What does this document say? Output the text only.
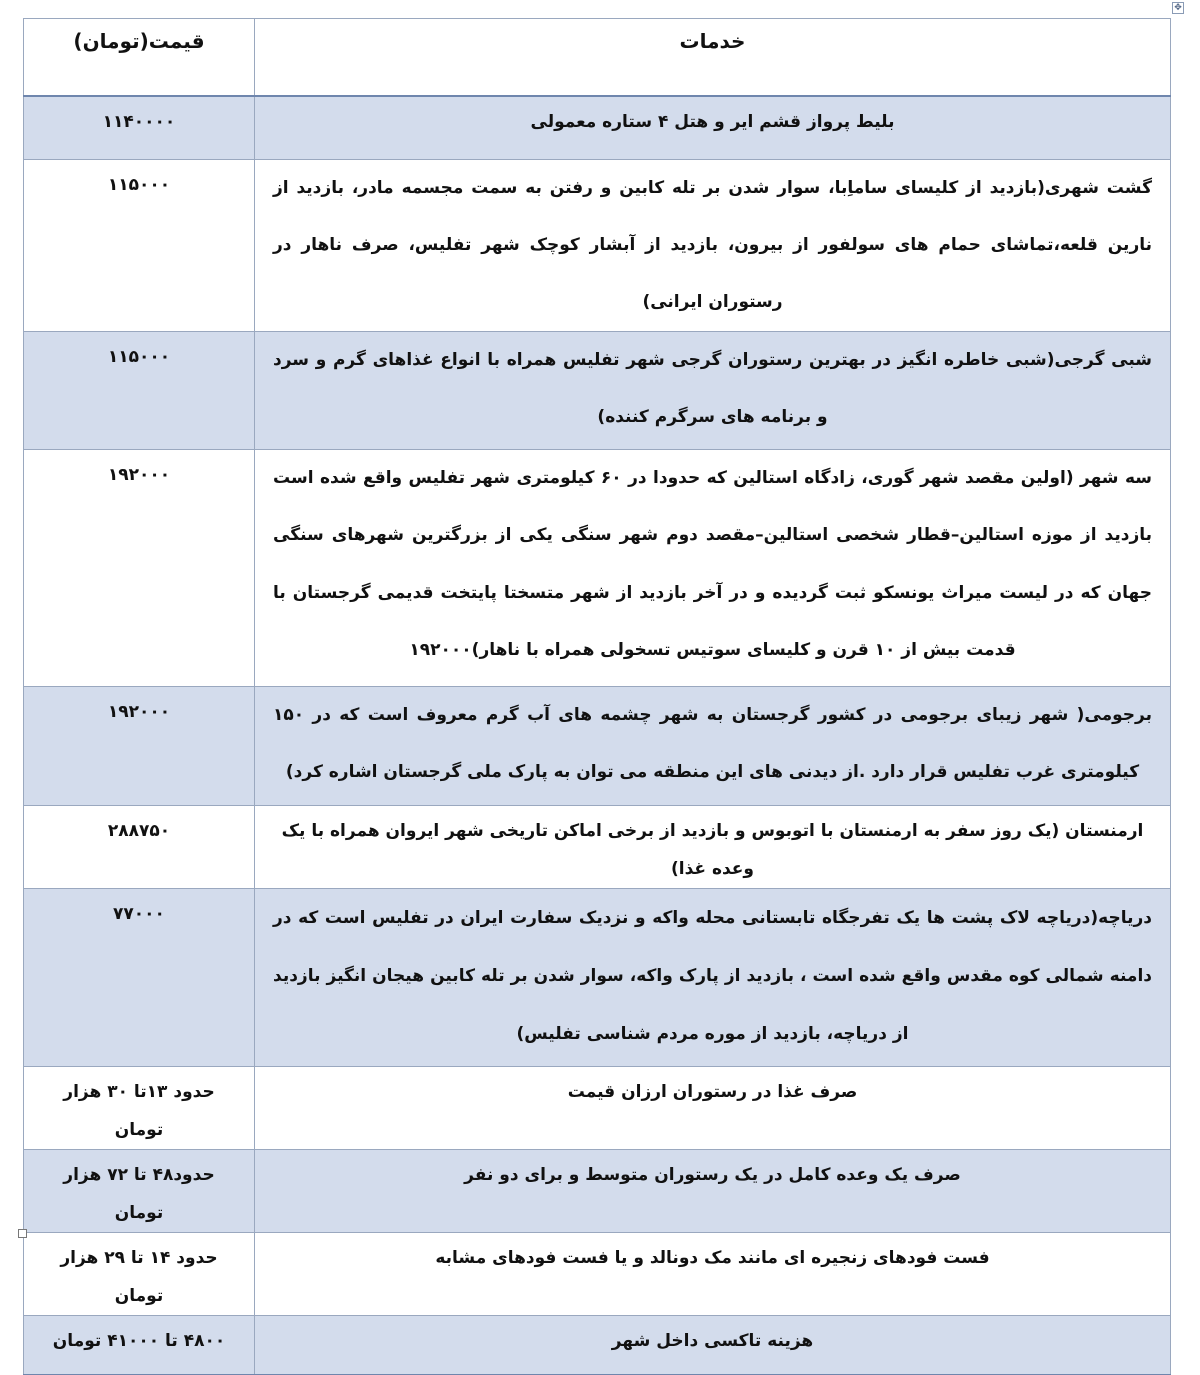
✥
خدمات	قیمت(تومان)

بلیط پرواز قشم ایر و هتل ۴ ستاره معمولی	۱۱۴۰۰۰۰

گشت شهری(بازدید از کلیسای ساماِبا، سوار شدن بر تله کابین و رفتن به سمت مجسمه مادر، بازدید از نارین قلعه،تماشای حمام های سولفور از بیرون، بازدید از آبشار کوچک شهر تفلیس، صرف ناهار در رستوران ایرانی)	۱۱۵۰۰۰

شبی گرجی(شبی خاطره انگیز در بهترین رستوران گرجی شهر تفلیس همراه با انواع غذاهای گرم و سرد و برنامه های سرگرم کننده)	۱۱۵۰۰۰

سه شهر (اولین مقصد شهر گوری، زادگاه استالین که حدودا در ۶۰ کیلومتری شهر تفلیس واقع شده است بازدید از موزه استالین–قطار شخصی استالین–مقصد دوم شهر سنگی یکی از بزرگترین شهرهای سنگی جهان که در لیست میراث یونسکو ثبت گردیده و در آخر بازدید از شهر متسختا پایتخت قدیمی گرجستان با قدمت بیش از ۱۰ قرن و کلیسای سوتیس تسخولی همراه با ناهار)۱۹۲۰۰۰	۱۹۲۰۰۰

برجومی( شهر زیبای برجومی در کشور گرجستان به شهر چشمه های آب گرم معروف است که در ۱۵۰ کیلومتری غرب تفلیس قرار دارد .از دیدنی های این منطقه می توان به پارک ملی گرجستان اشاره کرد)	۱۹۲۰۰۰

ارمنستان (یک روز سفر به ارمنستان با اتوبوس و بازدید از برخی اماکن تاریخی شهر ایروان همراه با یک وعده غذا)	۲۸۸۷۵۰

دریاچه(دریاچه لاک پشت ها یک تفرجگاه تابستانی محله واکه و نزدیک سفارت ایران در تفلیس است که در دامنه شمالی کوه مقدس واقع شده است ، بازدید از پارک واکه، سوار شدن بر تله کابین هیجان انگیز بازدید از دریاچه، بازدید از موره مردم شناسی تفلیس)	۷۷۰۰۰

صرف غذا در رستوران ارزان قیمت	حدود ۱۳تا ۳۰ هزار تومان

صرف یک وعده کامل در یک رستوران متوسط و برای دو نفر	حدود۴۸ تا ۷۲ هزار تومان

فست فودهای زنجیره ای مانند مک دونالد و یا فست فودهای مشابه	حدود ۱۴ تا ۲۹ هزار تومان

هزینه تاکسی داخل شهر	۴۸۰۰ تا ۴۱۰۰۰ تومان
